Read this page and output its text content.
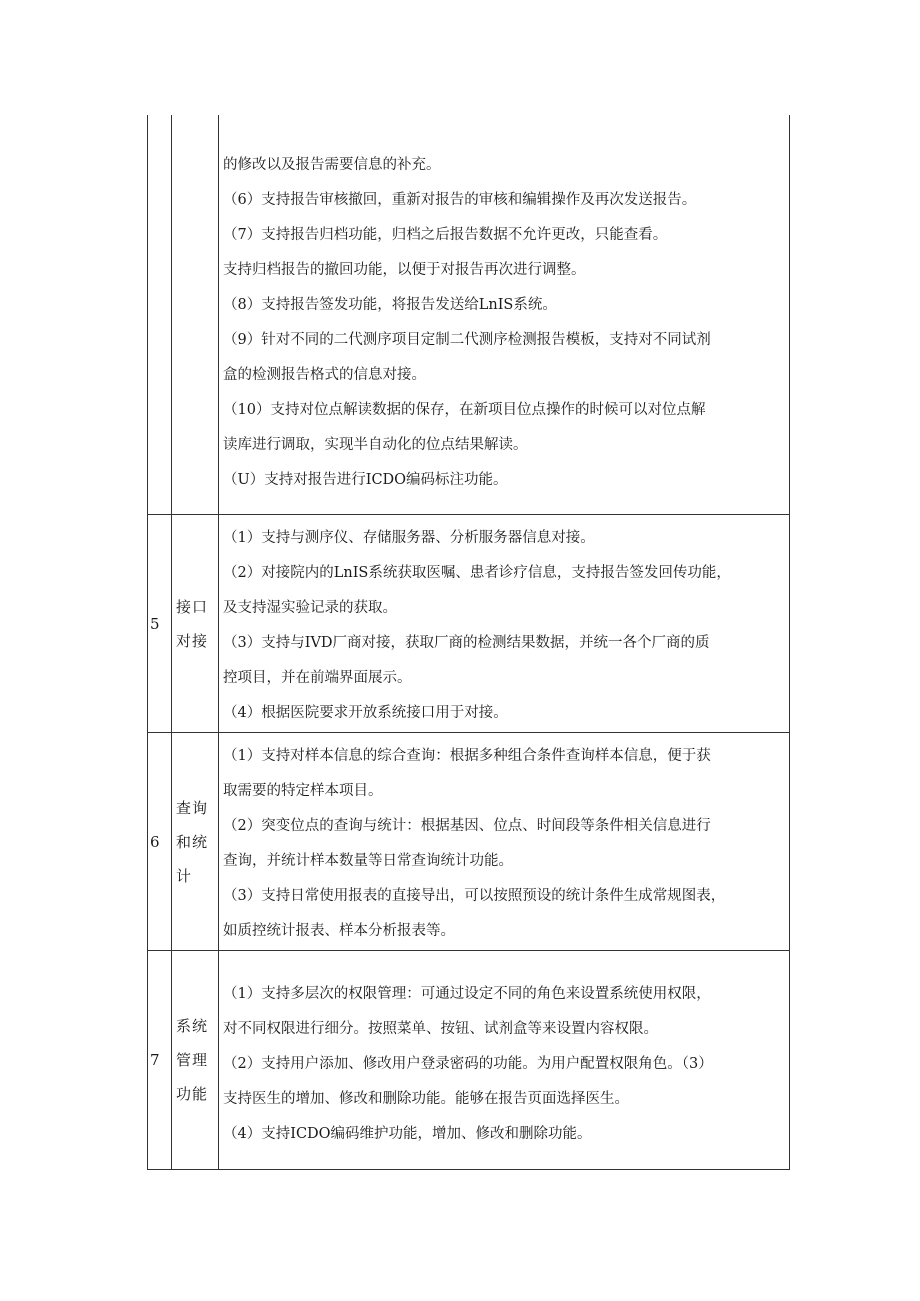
的修改以及报告需要信息的补充。
（6）支持报告审核撤回，重新对报告的审核和编辑操作及再次发送报告。
（7）支持报告归档功能，归档之后报告数据不允许更改，只能查看。
支持归档报告的撤回功能，以便于对报告再次进行调整。
（8）支持报告签发功能，将报告发送给LnIS系统。
（9）针对不同的二代测序项目定制二代测序检测报告模板，支持对不同试剂
盒的检测报告格式的信息对接。
（10）支持对位点解读数据的保存，在新项目位点操作的时候可以对位点解
读库进行调取，实现半自动化的位点结果解读。
（U）支持对报告进行ICDO编码标注功能。
5
接口
对接
（1）支持与测序仪、存储服务器、分析服务器信息对接。
（2）对接院内的LnIS系统获取医嘱、患者诊疗信息，支持报告签发回传功能，
及支持湿实验记录的获取。
（3）支持与IVD厂商对接，获取厂商的检测结果数据，并统一各个厂商的质
控项目，并在前端界面展示。
（4）根据医院要求开放系统接口用于对接。
6
查询
和统
计
（1）支持对样本信息的综合查询：根据多种组合条件查询样本信息，便于获
取需要的特定样本项目。
（2）突变位点的查询与统计：根据基因、位点、时间段等条件相关信息进行
查询，并统计样本数量等日常查询统计功能。
（3）支持日常使用报表的直接导出，可以按照预设的统计条件生成常规图表，
如质控统计报表、样本分析报表等。
7
系统
管理
功能
（1）支持多层次的权限管理：可通过设定不同的角色来设置系统使用权限，
对不同权限进行细分。按照菜单、按钮、试剂盒等来设置内容权限。
（2）支持用户添加、修改用户登录密码的功能。为用户配置权限角色。（3）
支持医生的增加、修改和删除功能。能够在报告页面选择医生。
（4）支持ICDO编码维护功能，增加、修改和删除功能。
